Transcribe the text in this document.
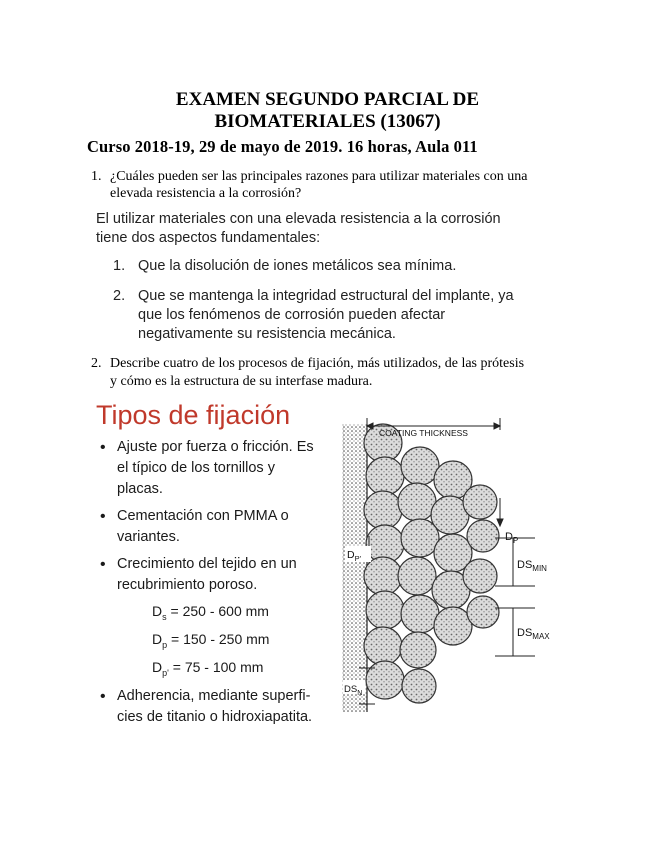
EXAMEN SEGUNDO PARCIAL DE
BIOMATERIALES (13067)
Curso 2018-19, 29 de mayo de 2019. 16 horas, Aula 011
1. ¿Cuáles pueden ser las principales razones para utilizar materiales con una
elevada resistencia a la corrosión?
El utilizar materiales con una elevada resistencia a la corrosión
tiene dos aspectos fundamentales:
1. Que la disolución de iones metálicos sea mínima.
2. Que se mantenga la integridad estructural del implante, ya
que los fenómenos de corrosión pueden afectar
negativamente su resistencia mecánica.
2. Describe cuatro de los procesos de fijación, más utilizados, de las prótesis
y cómo es la estructura de su interfase madura.
Tipos de fijación
• Ajuste por fuerza o fricción. Es
el típico de los tornillos y
placas.
• Cementación con PMMA o
variantes.
• Crecimiento del tejido en un
recubrimiento poroso.
$D_s = 250 - 600$ mm
$D_p = 150 - 250$ mm
$D_{p'} = 75 - 100$ mm
• Adherencia, mediante superfi-
cies de titanio o hidroxiapatita.
COATING THICKNESS
$D_P$
$D_{P'}$
$DS_{MIN}$
$DS_{MAX}$
$DS_N$
